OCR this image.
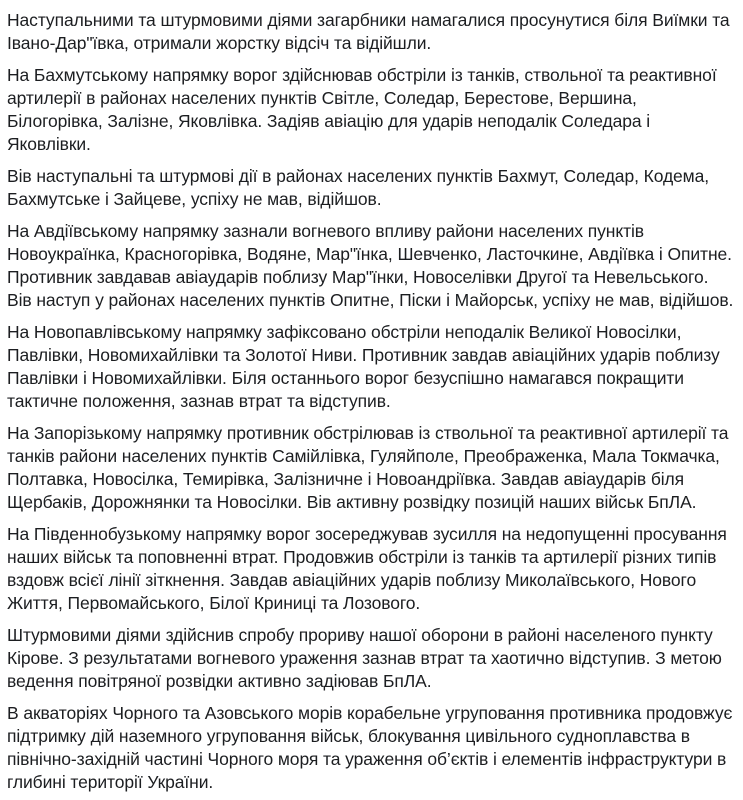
Наступальними та штурмовими діями загарбники намагалися просунутися біля Виїмки та Івано-Дар"ївка, отримали жорстку відсіч та відійшли.

На Бахмутському напрямку ворог здійснював обстріли із танків, ствольної та реактивної артилерії в районах населених пунктів Світле, Соледар, Берестове, Вершина, Білогорівка, Залізне, Яковлівка. Задіяв авіацію для ударів неподалік Соледара і Яковлівки.

Вів наступальні та штурмові дії в районах населених пунктів Бахмут, Соледар, Кодема, Бахмутське і Зайцеве, успіху не мав, відійшов.

На Авдіївському напрямку зазнали вогневого впливу райони населених пунктів Новоукраїнка, Красногорівка, Водяне, Мар"їнка, Шевченко, Ласточкине, Авдіївка і Опитне. Противник завдавав авіаударів поблизу Мар"їнки, Новоселівки Другої та Невельського. Вів наступ у районах населених пунктів Опитне, Піски і Майорськ, успіху не мав, відійшов.

На Новопавлівському напрямку зафіксовано обстріли неподалік Великої Новосілки, Павлівки, Новомихайлівки та Золотої Ниви. Противник завдав авіаційних ударів поблизу Павлівки і Новомихайлівки. Біля останнього ворог безуспішно намагався покращити тактичне положення, зазнав втрат та відступив.

На Запорізькому напрямку противник обстрілював із ствольної та реактивної артилерії та танків райони населених пунктів Самійлівка, Гуляйполе, Преображенка, Мала Токмачка, Полтавка, Новосілка, Темирівка, Залізничне і Новоандріївка. Завдав авіаударів біля Щербаків, Дорожнянки та Новосілки. Вів активну розвідку позицій наших військ БпЛА.

На Південнобузькому напрямку ворог зосереджував зусилля на недопущенні просування наших військ та поповненні втрат. Продовжив обстріли із танків та артилерії різних типів вздовж всієї лінії зіткнення. Завдав авіаційних ударів поблизу Миколаївського, Нового Життя, Первомайського, Білої Криниці та Лозового.

Штурмовими діями здійснив спробу прориву нашої оборони в районі населеного пункту Кірове. З результатами вогневого ураження зазнав втрат та хаотично відступив. З метою ведення повітряної розвідки активно задіював БпЛА.

В акваторіях Чорного та Азовського морів корабельне угруповання противника продовжує підтримку дій наземного угруповання військ, блокування цивільного судноплавства в північно-західній частині Чорного моря та ураження об’єктів і елементів інфраструктури в глибині території України.
